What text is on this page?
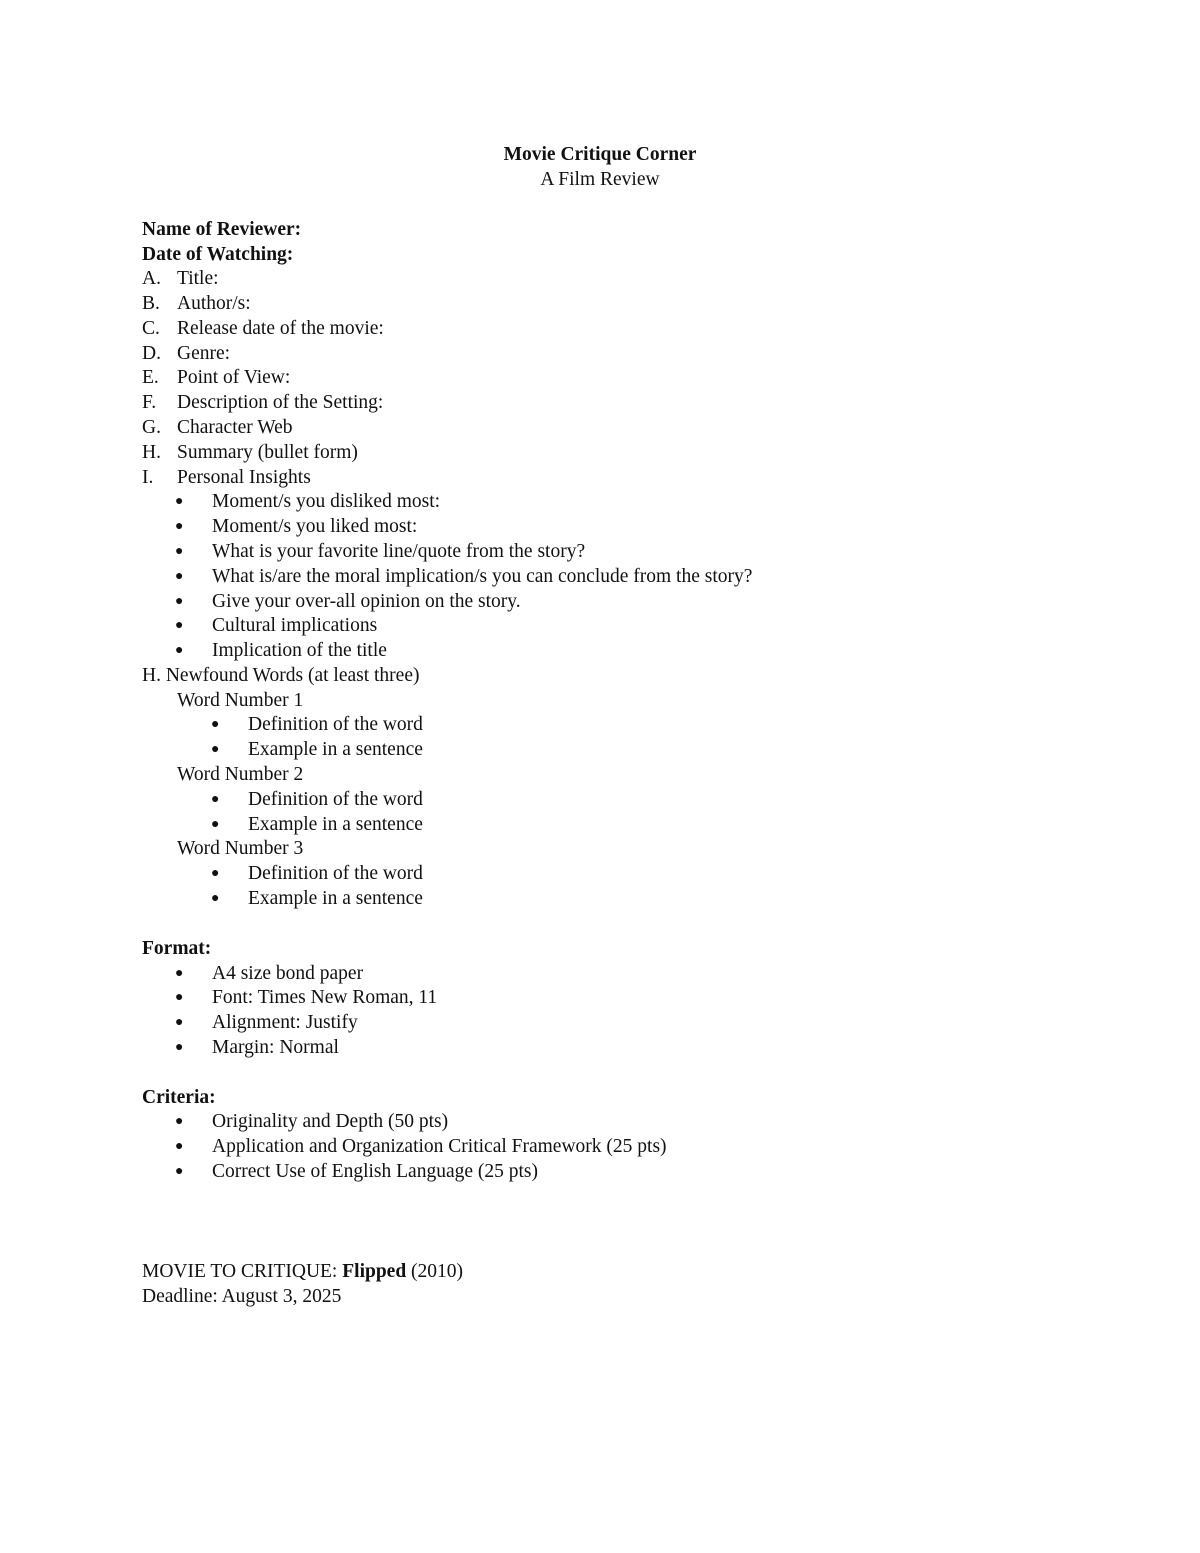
Movie Critique Corner
A Film Review
Name of Reviewer:
Date of Watching:
A. Title:
B. Author/s:
C. Release date of the movie:
D. Genre:
E. Point of View:
F. Description of the Setting:
G. Character Web
H. Summary (bullet form)
I. Personal Insights
● Moment/s you disliked most:
● Moment/s you liked most:
● What is your favorite line/quote from the story?
● What is/are the moral implication/s you can conclude from the story?
● Give your over-all opinion on the story.
● Cultural implications
● Implication of the title
H. Newfound Words (at least three)
Word Number 1
● Definition of the word
● Example in a sentence
Word Number 2
● Definition of the word
● Example in a sentence
Word Number 3
● Definition of the word
● Example in a sentence
Format:
● A4 size bond paper
● Font: Times New Roman, 11
● Alignment: Justify
● Margin: Normal
Criteria:
● Originality and Depth (50 pts)
● Application and Organization Critical Framework (25 pts)
● Correct Use of English Language (25 pts)
MOVIE TO CRITIQUE: Flipped (2010)
Deadline: August 3, 2025
